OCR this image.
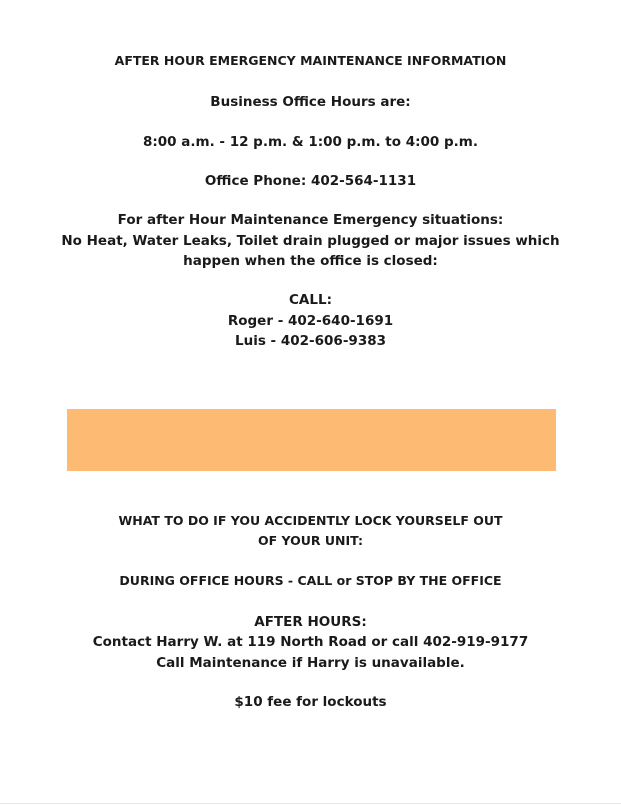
AFTER HOUR EMERGENCY MAINTENANCE INFORMATION
Business Office Hours are:
8:00 a.m. - 12 p.m. & 1:00 p.m. to 4:00 p.m.
Office Phone: 402-564-1131
For after Hour Maintenance Emergency situations:
No Heat, Water Leaks, Toilet drain plugged or major issues which
happen when the office is closed:
CALL:
Roger - 402-640-1691
Luis - 402-606-9383
WHAT TO DO IF YOU ACCIDENTLY LOCK YOURSELF OUT
OF YOUR UNIT:
DURING OFFICE HOURS - CALL or STOP BY THE OFFICE
AFTER HOURS:
Contact Harry W. at 119 North Road or call 402-919-9177
Call Maintenance if Harry is unavailable.
$10 fee for lockouts
